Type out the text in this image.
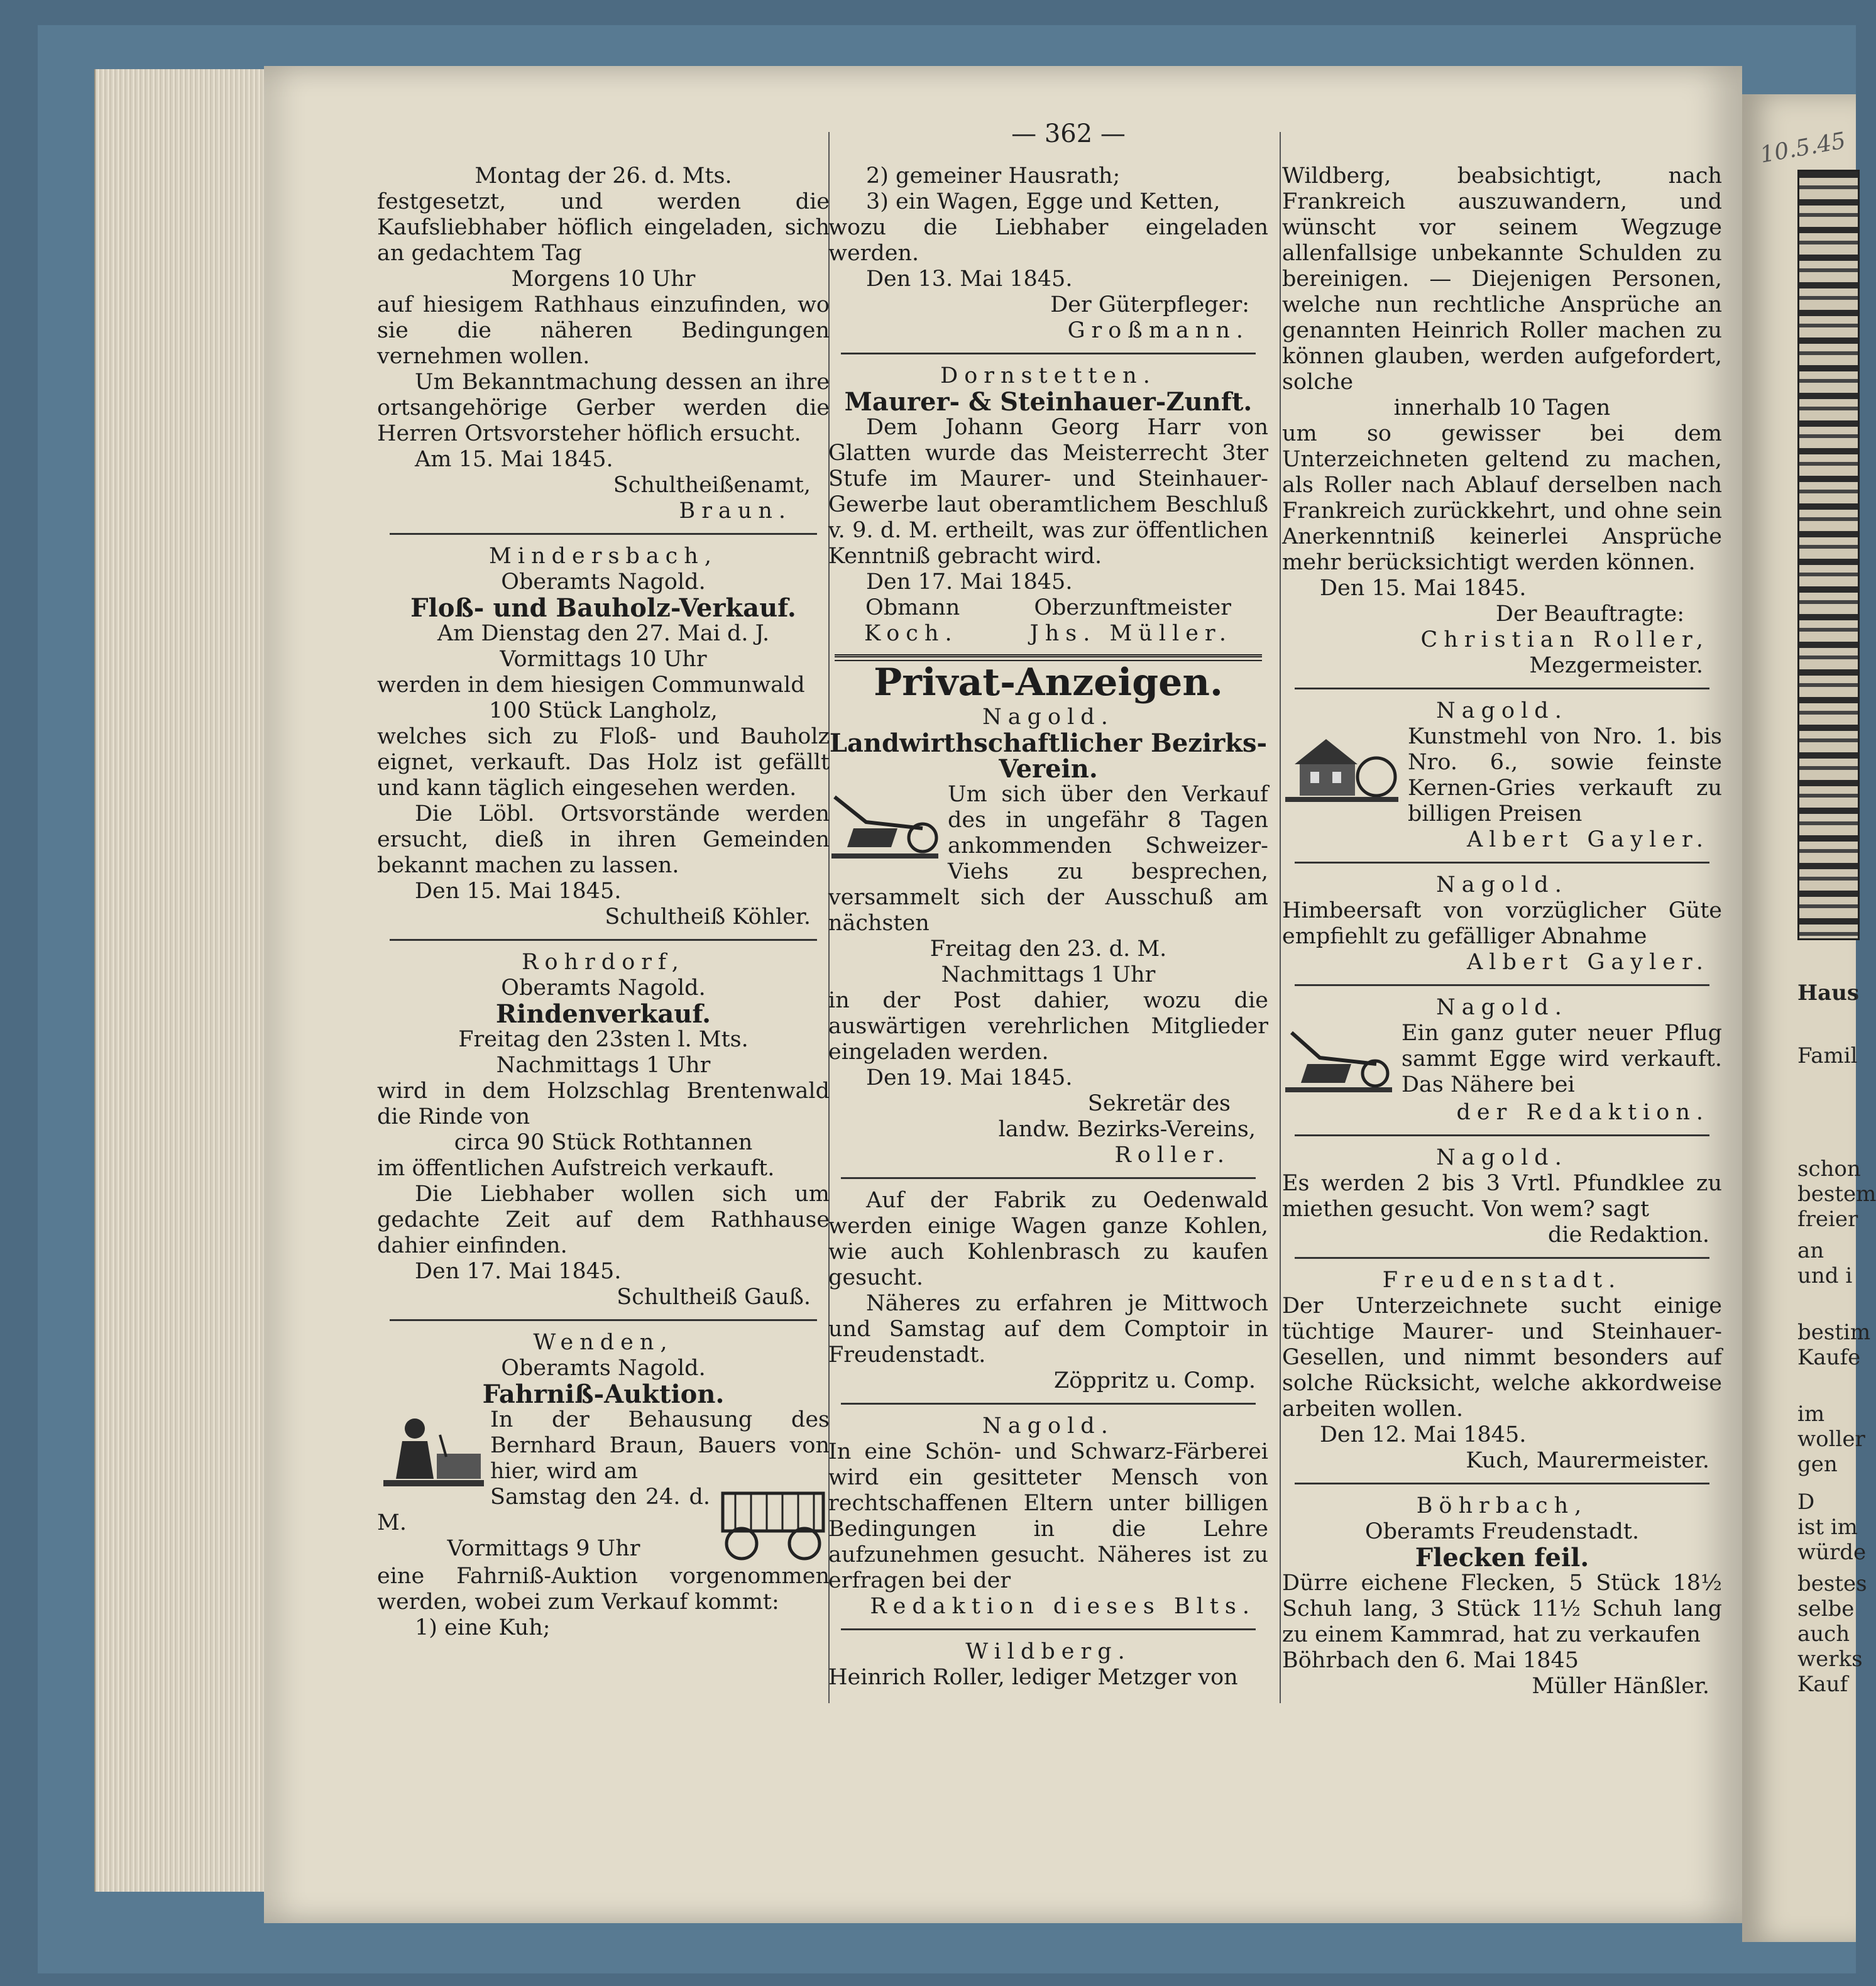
10.5.45
— 362 —

Montag der 26. d. Mts.

festgesetzt, und werden die Kaufsliebhaber höflich eingeladen, sich an gedachtem Tag

Morgens 10 Uhr

auf hiesigem Rathhaus einzufinden, wo sie die näheren Bedingungen vernehmen wollen.

Um Bekanntmachung dessen an ihre ortsangehörige Gerber werden die Herren Ortsvorsteher höflich ersucht.

Am 15. Mai 1845.

Schultheißenamt,

Braun.

Mindersbach,

Oberamts Nagold.

Floß- und Bauholz-Verkauf.

Am Dienstag den 27. Mai d. J.

Vormittags 10 Uhr

werden in dem hiesigen Communwald

100 Stück Langholz,

welches sich zu Floß- und Bauholz eignet, verkauft. Das Holz ist gefällt und kann täglich eingesehen werden.

Die Löbl. Ortsvorstände werden ersucht, dieß in ihren Gemeinden bekannt machen zu lassen.

Den 15. Mai 1845.

Schultheiß Köhler.

Rohrdorf,

Oberamts Nagold.

Rindenverkauf.

Freitag den 23sten l. Mts.

Nachmittags 1 Uhr

wird in dem Holzschlag Brentenwald die Rinde von

circa 90 Stück Rothtannen

im öffentlichen Aufstreich verkauft.

Die Liebhaber wollen sich um gedachte Zeit auf dem Rathhause dahier einfinden.

Den 17. Mai 1845.

Schultheiß Gauß.

Wenden,

Oberamts Nagold.

Fahrniß-Auktion.

In der Behausung des Bernhard Braun, Bauers von hier, wird am

Samstag den 24. d. M.

Vormittags 9 Uhr

eine Fahrniß-Auktion vorgenommen werden, wobei zum Verkauf kommt:

1) eine Kuh;

2) gemeiner Hausrath;

3) ein Wagen, Egge und Ketten,

wozu die Liebhaber eingeladen werden.

Den 13. Mai 1845.

Der Güterpfleger:

Großmann.

Dornstetten.

Maurer- & Steinhauer-Zunft.

Dem Johann Georg Harr von Glatten wurde das Meisterrecht 3ter Stufe im Maurer- und Steinhauer-Gewerbe laut oberamtlichem Beschluß v. 9. d. M. ertheilt, was zur öffentlichen Kenntniß gebracht wird.

Den 17. Mai 1845.

Obmann	Oberzunftmeister
Koch.	Jhs. Müller.

Privat-Anzeigen.

Nagold.

Landwirthschaftlicher Bezirks-Verein.

Um sich über den Verkauf des in ungefähr 8 Tagen ankommenden Schweizer-Viehs zu besprechen, versammelt sich der Ausschuß am nächsten

Freitag den 23. d. M.

Nachmittags 1 Uhr

in der Post dahier, wozu die auswärtigen verehrlichen Mitglieder eingeladen werden.

Den 19. Mai 1845.

Sekretär des

landw. Bezirks-Vereins,

Roller.

Auf der Fabrik zu Oedenwald werden einige Wagen ganze Kohlen, wie auch Kohlenbrasch zu kaufen gesucht.

Näheres zu erfahren je Mittwoch und Samstag auf dem Comptoir in Freudenstadt.

Zöppritz u. Comp.

Nagold.

In eine Schön- und Schwarz-Färberei wird ein gesitteter Mensch von rechtschaffenen Eltern unter billigen Bedingungen in die Lehre aufzunehmen gesucht. Näheres ist zu erfragen bei der

Redaktion dieses Blts.

Wildberg.

Heinrich Roller, lediger Metzger von

Wildberg, beabsichtigt, nach Frankreich auszuwandern, und wünscht vor seinem Wegzuge allenfallsige unbekannte Schulden zu bereinigen. — Diejenigen Personen, welche nun rechtliche Ansprüche an genannten Heinrich Roller machen zu können glauben, werden aufgefordert, solche

innerhalb 10 Tagen

um so gewisser bei dem Unterzeichneten geltend zu machen, als Roller nach Ablauf derselben nach Frankreich zurückkehrt, und ohne sein Anerkenntniß keinerlei Ansprüche mehr berücksichtigt werden können.

Den 15. Mai 1845.

Der Beauftragte:

Christian Roller,

Mezgermeister.

Nagold.

Kunstmehl von Nro. 1. bis Nro. 6., sowie feinste Kernen-Gries verkauft zu billigen Preisen

Albert Gayler.

Nagold.

Himbeersaft von vorzüglicher Güte empfiehlt zu gefälliger Abnahme

Albert Gayler.

Nagold.

Ein ganz guter neuer Pflug sammt Egge wird verkauft. Das Nähere bei

der Redaktion.

Nagold.

Es werden 2 bis 3 Vrtl. Pfundklee zu miethen gesucht. Von wem? sagt

die Redaktion.

Freudenstadt.

Der Unterzeichnete sucht einige tüchtige Maurer- und Steinhauer-Gesellen, und nimmt besonders auf solche Rücksicht, welche akkordweise arbeiten wollen.

Den 12. Mai 1845.

Kuch, Maurermeister.

Böhrbach,

Oberamts Freudenstadt.

Flecken feil.

Dürre eichene Flecken, 5 Stück 18½ Schuh lang, 3 Stück 11½ Schuh lang zu einem Kammrad, hat zu verkaufen

Böhrbach den 6. Mai 1845

Müller Hänßler.

Haus
Famil
schon
bestem
freier
an
und i
bestim
Kaufe
im
woller
gen
D
ist im
würde
bestes
selbe
auch
werks
Kauf
